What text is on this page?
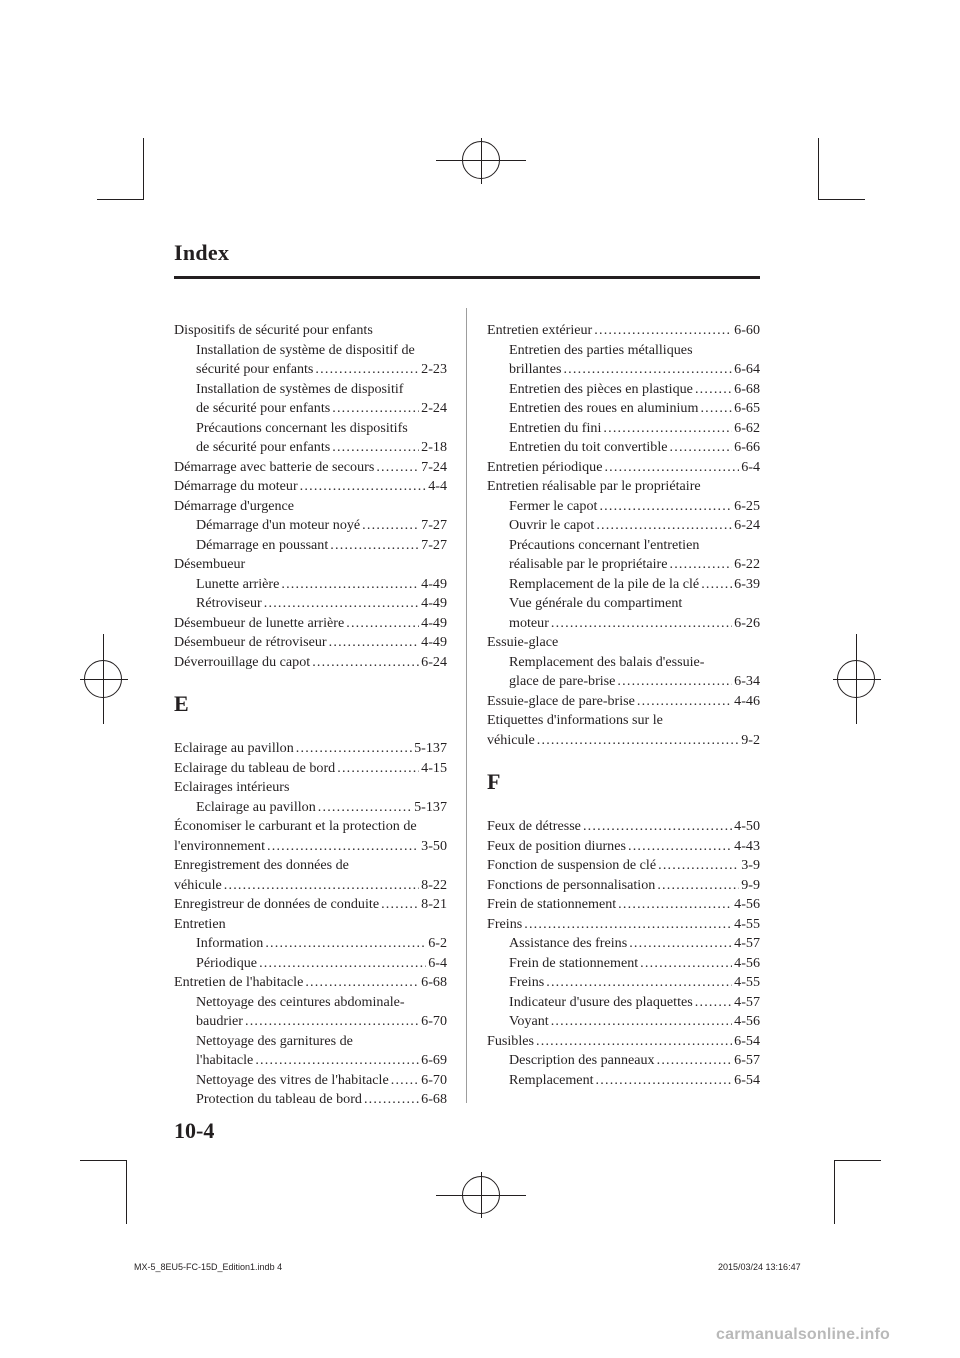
Index
Dispositifs de sécurité pour enfants
Installation de système de dispositif de
sécurité pour enfants .....	2-23
Installation de systèmes de dispositif
de sécurité pour enfants .....	2-24
Précautions concernant les dispositifs
de sécurité pour enfants .....	2-18
Démarrage avec batterie de secours .....	7-24
Démarrage du moteur .....	4-4
Démarrage d'urgence
Démarrage d'un moteur noyé .....	7-27
Démarrage en poussant .....	7-27
Désembueur
Lunette arrière .....	4-49
Rétroviseur .....	4-49
Désembueur de lunette arrière .....	4-49
Désembueur de rétroviseur .....	4-49
Déverrouillage du capot .....	6-24
E
Eclairage au pavillon .....	5-137
Eclairage du tableau de bord .....	4-15
Eclairages intérieurs
Eclairage au pavillon .....	5-137
Économiser le carburant et la protection de
l'environnement .....	3-50
Enregistrement des données de
véhicule .....	8-22
Enregistreur de données de conduite .....	8-21
Entretien
Information .....	6-2
Périodique .....	6-4
Entretien de l'habitacle .....	6-68
Nettoyage des ceintures abdominale-
baudrier .....	6-70
Nettoyage des garnitures de
l'habitacle .....	6-69
Nettoyage des vitres de l'habitacle ..... 6-70
Protection du tableau de bord .....	6-68
Entretien extérieur .....	6-60
Entretien des parties métalliques
brillantes .....	6-64
Entretien des pièces en plastique .....	6-68
Entretien des roues en aluminium .....	6-65
Entretien du fini .....	6-62
Entretien du toit convertible .....	6-66
Entretien périodique .....	6-4
Entretien réalisable par le propriétaire
Fermer le capot .....	6-25
Ouvrir le capot .....	6-24
Précautions concernant l'entretien
réalisable par le propriétaire .....	6-22
Remplacement de la pile de la clé ..... 6-39
Vue générale du compartiment
moteur .....	6-26
Essuie-glace
Remplacement des balais d'essuie-
glace de pare-brise .....	6-34
Essuie-glace de pare-brise .....	4-46
Etiquettes d'informations sur le
véhicule .....	9-2
F
Feux de détresse .....	4-50
Feux de position diurnes .....	4-43
Fonction de suspension de clé .....	3-9
Fonctions de personnalisation .....	9-9
Frein de stationnement .....	4-56
Freins .....	4-55
Assistance des freins .....	4-57
Frein de stationnement .....	4-56
Freins .....	4-55
Indicateur d'usure des plaquettes .....	4-57
Voyant .....	4-56
Fusibles .....	6-54
Description des panneaux .....	6-57
Remplacement .....	6-54
10-4
MX-5_8EU5-FC-15D_Edition1.indb 4	2015/03/24 13:16:47
carmanualsonline.info
